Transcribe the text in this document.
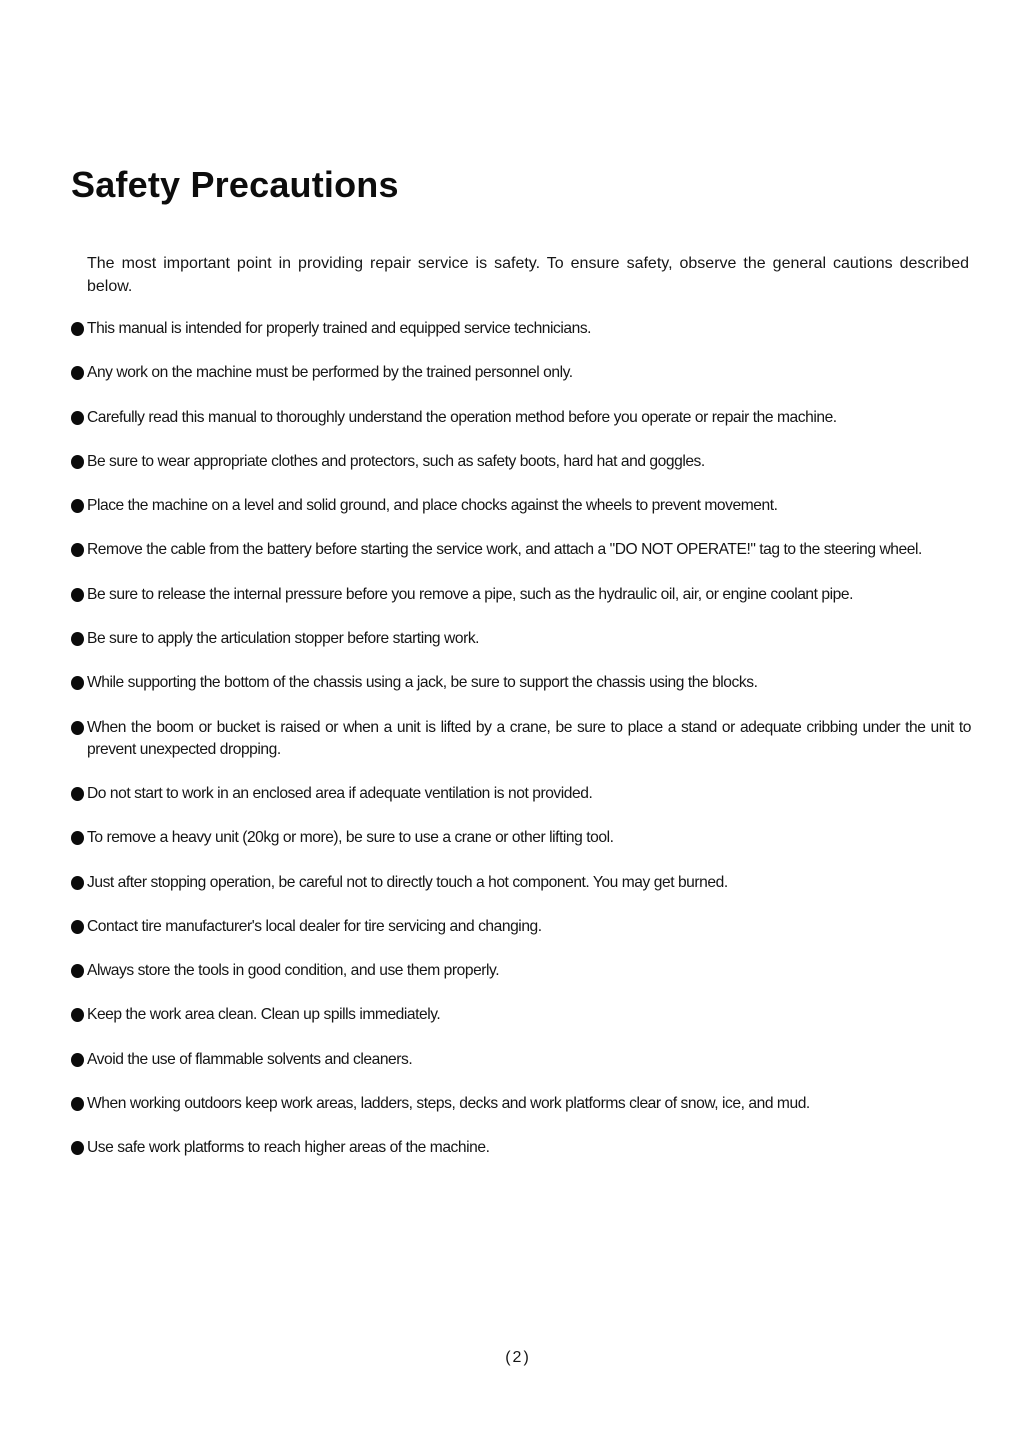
Safety Precautions

The most important point in providing repair service is safety. To ensure safety, observe the general cautions described below.

This manual is intended for properly trained and equipped service technicians.
Any work on the machine must be performed by the trained personnel only.
Carefully read this manual to thoroughly understand the operation method before you operate or repair the machine.
Be sure to wear appropriate clothes and protectors, such as safety boots, hard hat and goggles.
Place the machine on a level and solid ground, and place chocks against the wheels to prevent movement.
Remove the cable from the battery before starting the service work, and attach a "DO NOT OPERATE!" tag to the steering wheel.
Be sure to release the internal pressure before you remove a pipe, such as the hydraulic oil, air, or engine coolant pipe.
Be sure to apply the articulation stopper before starting work.
While supporting the bottom of the chassis using a jack, be sure to support the chassis using the blocks.
When the boom or bucket is raised or when a unit is lifted by a crane, be sure to place a stand or adequate cribbing under the unit to prevent unexpected dropping.
Do not start to work in an enclosed area if adequate ventilation is not provided.
To remove a heavy unit (20kg or more), be sure to use a crane or other lifting tool.
Just after stopping operation, be careful not to directly touch a hot component. You may get burned.
Contact tire manufacturer's local dealer for tire servicing and changing.
Always store the tools in good condition, and use them properly.
Keep the work area clean. Clean up spills immediately.
Avoid the use of flammable solvents and cleaners.
When working outdoors keep work areas, ladders, steps, decks and work platforms clear of snow, ice, and mud.
Use safe work platforms to reach higher areas of the machine.
(2)
